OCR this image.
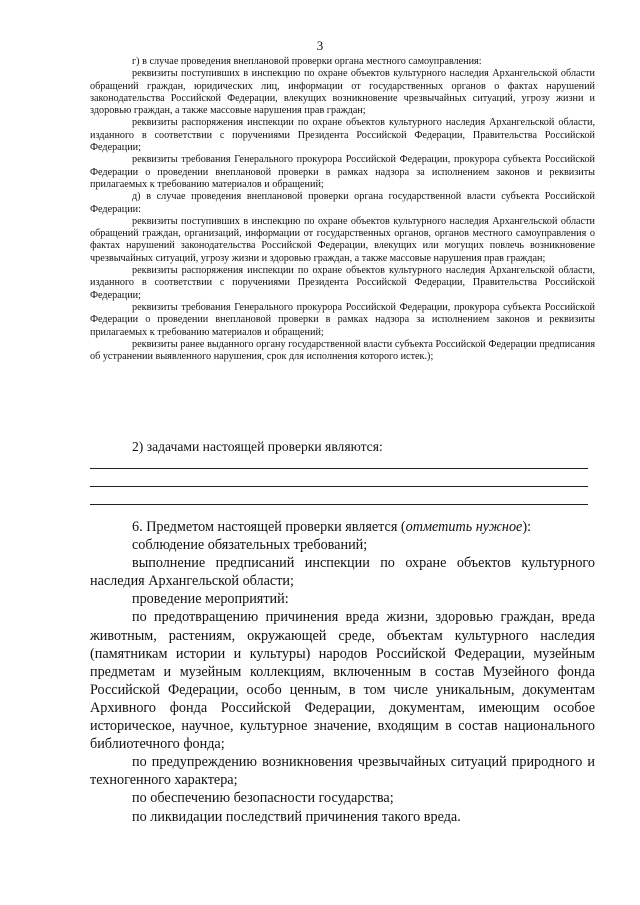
3

г) в случае проведения внеплановой проверки органа местного самоуправления:

реквизиты поступивших в инспекцию по охране объектов культурного наследия Архангельской области обращений граждан, юридических лиц, информации от государственных органов о фактах нарушений законодательства Российской Федерации, влекущих возникновение чрезвычайных ситуаций, угрозу жизни и здоровью граждан, а также массовые нарушения прав граждан;

реквизиты распоряжения инспекции по охране объектов культурного наследия Архангельской области, изданного в соответствии с поручениями Президента Российской Федерации, Правительства Российской Федерации;

реквизиты требования Генерального прокурора Российской Федерации, прокурора субъекта Российской Федерации о проведении внеплановой проверки в рамках надзора за исполнением законов и реквизиты прилагаемых к требованию материалов и обращений;

д) в случае проведения внеплановой проверки органа государственной власти субъекта Российской Федерации:

реквизиты поступивших в инспекцию по охране объектов культурного наследия Архангельской области обращений граждан, организаций, информации от государственных органов, органов местного самоуправления о фактах нарушений законодательства Российской Федерации, влекущих или могущих повлечь возникновение чрезвычайных ситуаций, угрозу жизни и здоровью граждан, а также массовые нарушения прав граждан;

реквизиты распоряжения инспекции по охране объектов культурного наследия Архангельской области, изданного в соответствии с поручениями Президента Российской Федерации, Правительства Российской Федерации;

реквизиты требования Генерального прокурора Российской Федерации, прокурора субъекта Российской Федерации о проведении внеплановой проверки в рамках надзора за исполнением законов и реквизиты прилагаемых к требованию материалов и обращений;

реквизиты ранее выданного органу государственной власти субъекта Российской Федерации предписания об устранении выявленного нарушения, срок для исполнения которого истек.);

2) задачами настоящей проверки являются:

6. Предметом настоящей проверки является (отметить нужное):

соблюдение обязательных требований;

выполнение предписаний инспекции по охране объектов культурного наследия Архангельской области;

проведение мероприятий:

по предотвращению причинения вреда жизни, здоровью граждан, вреда животным, растениям, окружающей среде, объектам культурного наследия (памятникам истории и культуры) народов Российской Федерации, музейным предметам и музейным коллекциям, включенным в состав Музейного фонда Российской Федерации, особо ценным, в том числе уникальным, документам Архивного фонда Российской Федерации, документам, имеющим особое историческое, научное, культурное значение, входящим в состав национального библиотечного фонда;

по предупреждению возникновения чрезвычайных ситуаций природного и техногенного характера;

по обеспечению безопасности государства;

по ликвидации последствий причинения такого вреда.
